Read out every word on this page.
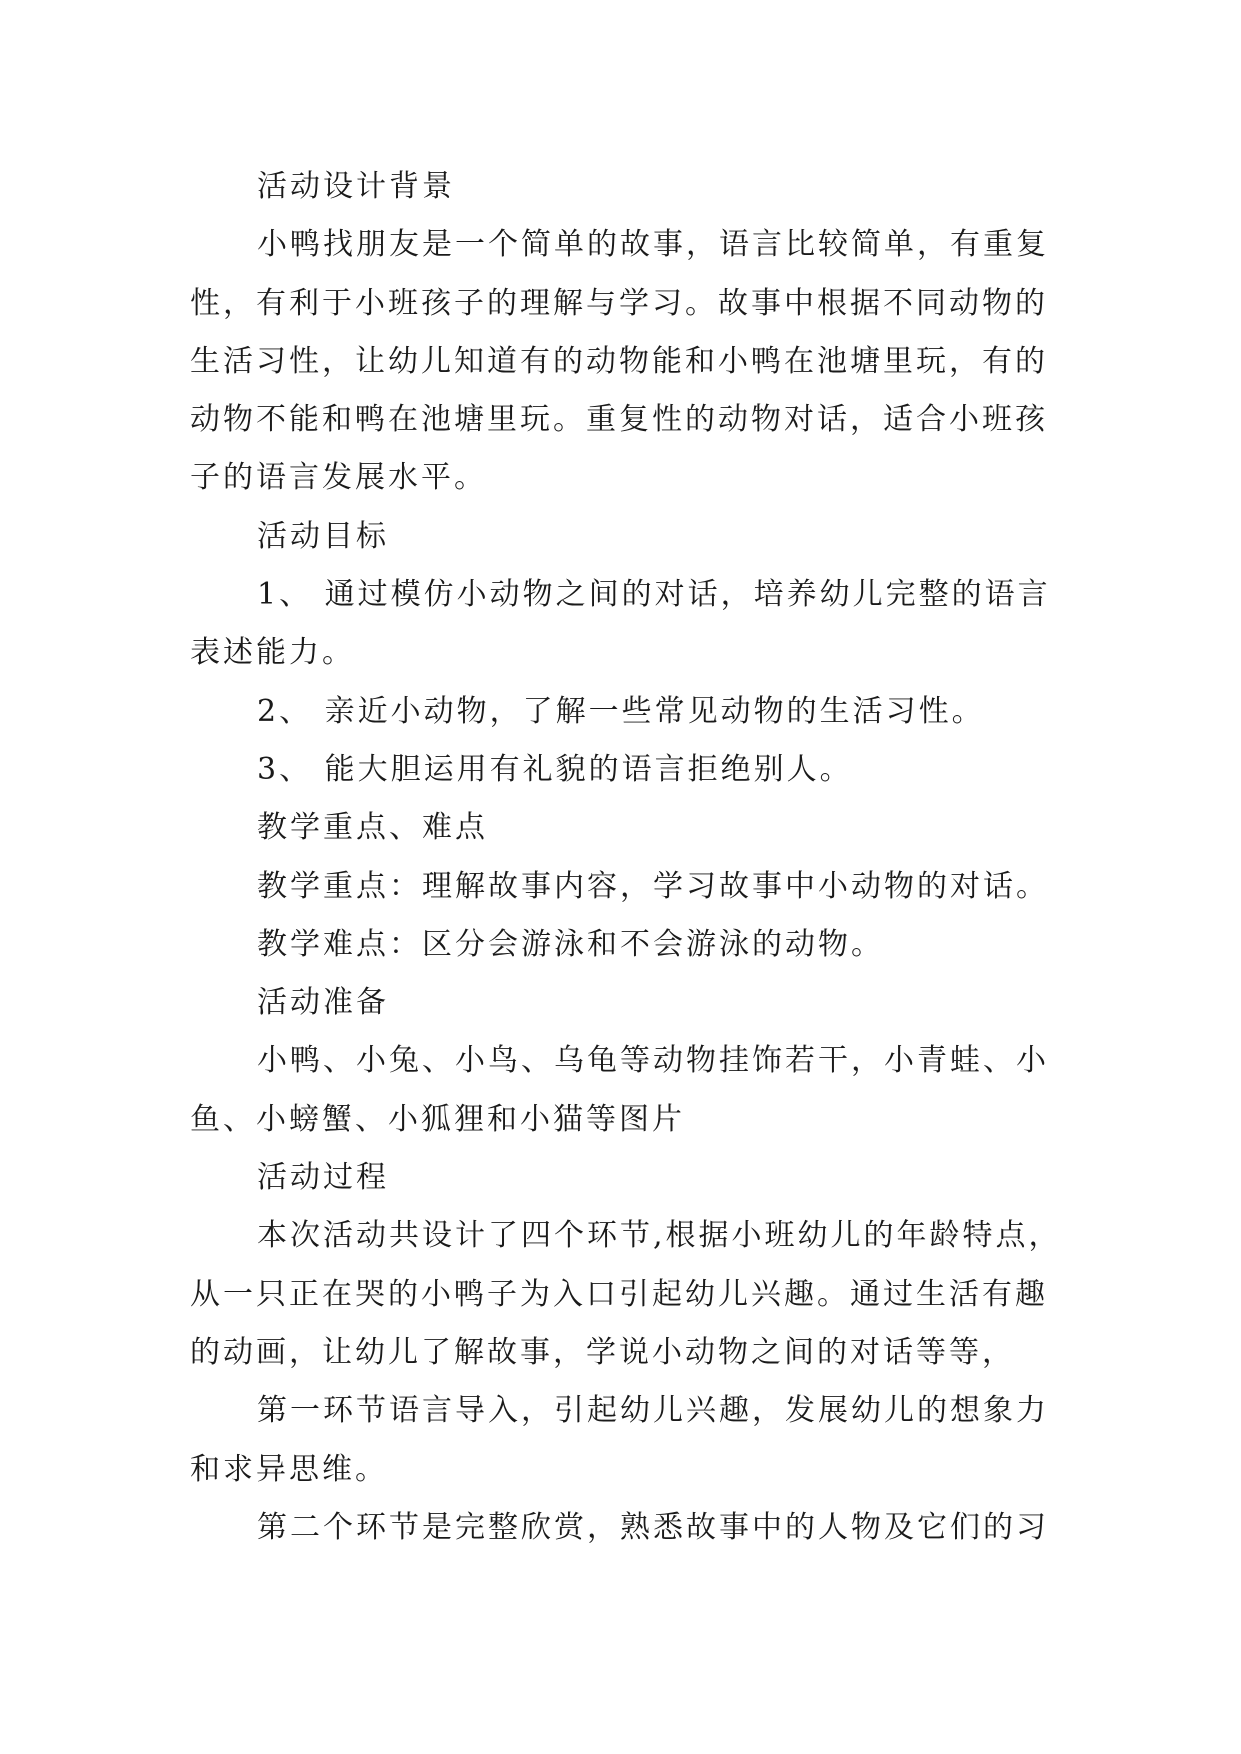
活动设计背景
小鸭找朋友是一个简单的故事，语言比较简单，有重复
性，有利于小班孩子的理解与学习。故事中根据不同动物的
生活习性，让幼儿知道有的动物能和小鸭在池塘里玩，有的
动物不能和鸭在池塘里玩。重复性的动物对话，适合小班孩
子的语言发展水平。
活动目标
1、 通过模仿小动物之间的对话，培养幼儿完整的语言
表述能力。
2、 亲近小动物，了解一些常见动物的生活习性。
3、 能大胆运用有礼貌的语言拒绝别人。
教学重点、难点
教学重点：理解故事内容，学习故事中小动物的对话。
教学难点：区分会游泳和不会游泳的动物。
活动准备
小鸭、小兔、小鸟、乌龟等动物挂饰若干，小青蛙、小
鱼、小螃蟹、小狐狸和小猫等图片
活动过程
本次活动共设计了四个环节,根据小班幼儿的年龄特点，
从一只正在哭的小鸭子为入口引起幼儿兴趣。通过生活有趣
的动画，让幼儿了解故事，学说小动物之间的对话等等，
第一环节语言导入，引起幼儿兴趣，发展幼儿的想象力
和求异思维。
第二个环节是完整欣赏，熟悉故事中的人物及它们的习
